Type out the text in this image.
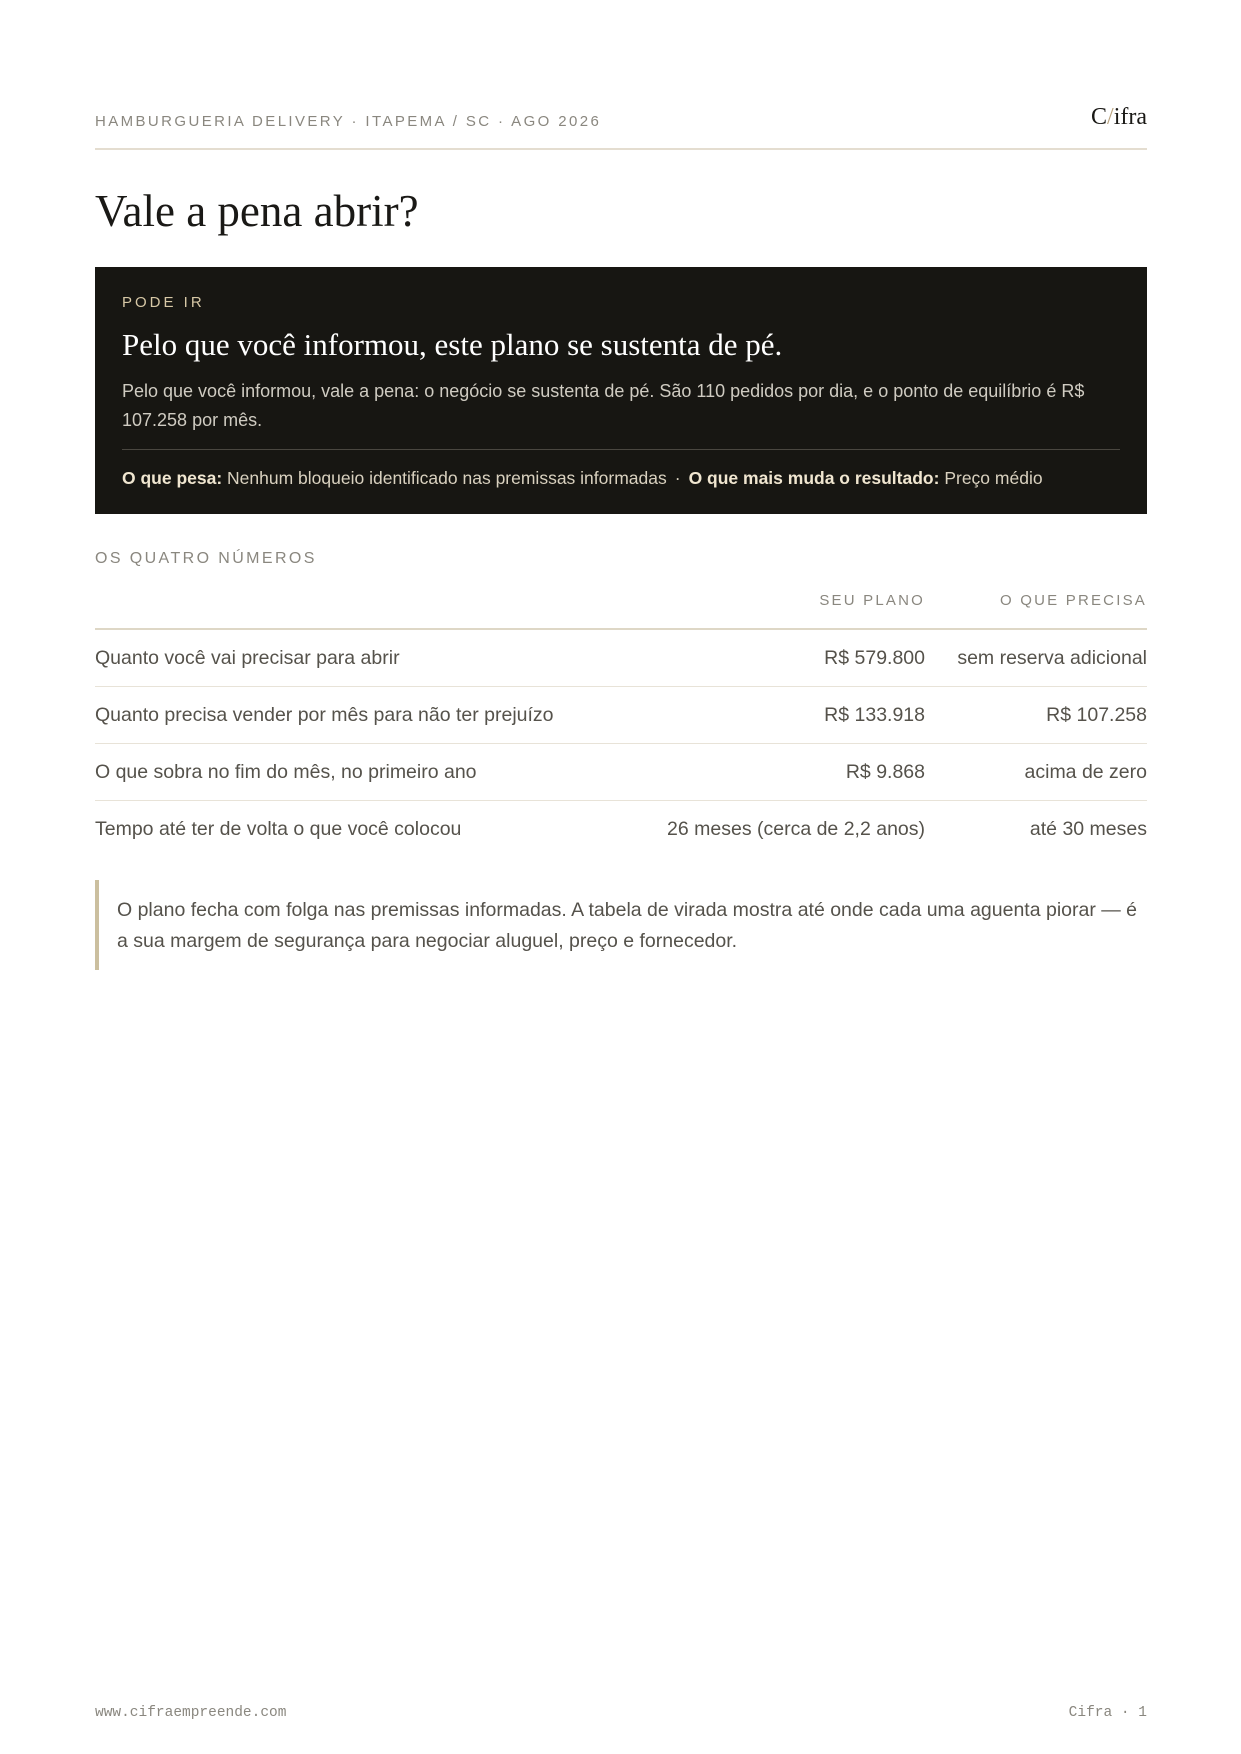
HAMBURGUERIA DELIVERY · ITAPEMA / SC · AGO 2026	C/ifra
Vale a pena abrir?
PODE IR
Pelo que você informou, este plano se sustenta de pé.

Pelo que você informou, vale a pena: o negócio se sustenta de pé. São 110 pedidos por dia, e o ponto de equilíbrio é R$ 107.258 por mês.

O que pesa: Nenhum bloqueio identificado nas premissas informadas · O que mais muda o resultado: Preço médio
OS QUATRO NÚMEROS
	SEU PLANO	O QUE PRECISA
Quanto você vai precisar para abrir	R$ 579.800	sem reserva adicional
Quanto precisa vender por mês para não ter prejuízo	R$ 133.918	R$ 107.258
O que sobra no fim do mês, no primeiro ano	R$ 9.868	acima de zero
Tempo até ter de volta o que você colocou	26 meses (cerca de 2,2 anos)	até 30 meses

O plano fecha com folga nas premissas informadas. A tabela de virada mostra até onde cada uma aguenta piorar — é a sua margem de segurança para negociar aluguel, preço e fornecedor.

www.cifraempreende.com	Cifra · 1
